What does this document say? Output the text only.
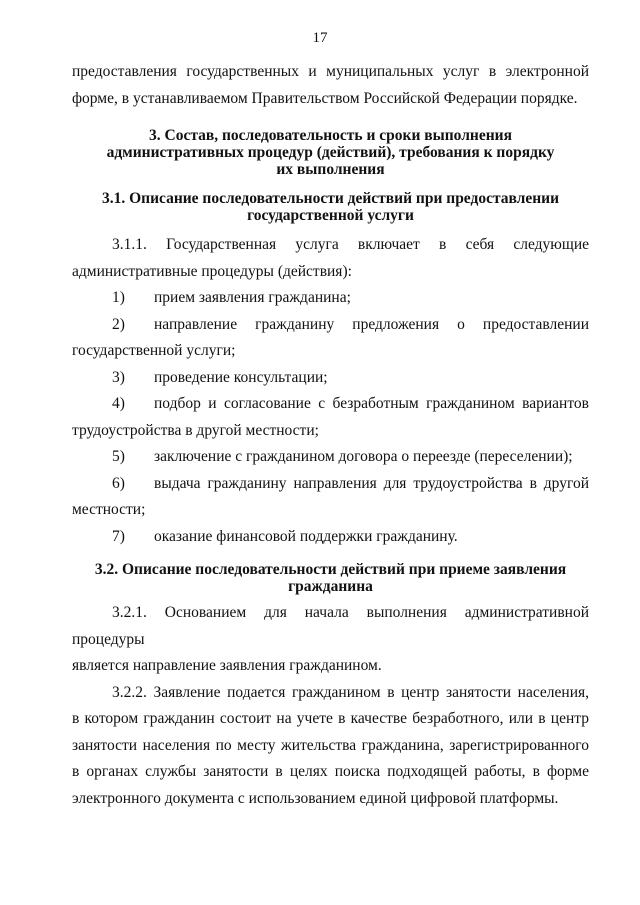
17

предоставления государственных и муниципальных услуг в электронной

форме, в устанавливаемом Правительством Российской Федерации порядке.

3. Состав, последовательность и сроки выполнения

административных процедур (действий), требования к порядку

их выполнения

3.1. Описание последовательности действий при предоставлении

государственной услуги

3.1.1. Государственная услуга включает в себя следующие

административные процедуры (действия):

1)	прием заявления гражданина;
2)	направление гражданину предложения о предоставлении

государственной услуги;

3)	проведение консультации;
4)	подбор и согласование с безработным гражданином вариантов

трудоустройства в другой местности;

5)	заключение с гражданином договора о переезде (переселении);
6)	выдача гражданину направления для трудоустройства в другой

местности;

7)	оказание финансовой поддержки гражданину.

3.2. Описание последовательности действий при приеме заявления

гражданина

3.2.1. Основанием для начала выполнения административной процедуры

является направление заявления гражданином.

3.2.2. Заявление подается гражданином в центр занятости населения,

в котором гражданин состоит на учете в качестве безработного, или в центр

занятости населения по месту жительства гражданина, зарегистрированного

в органах службы занятости в целях поиска подходящей работы, в форме

электронного документа с использованием единой цифровой платформы.
